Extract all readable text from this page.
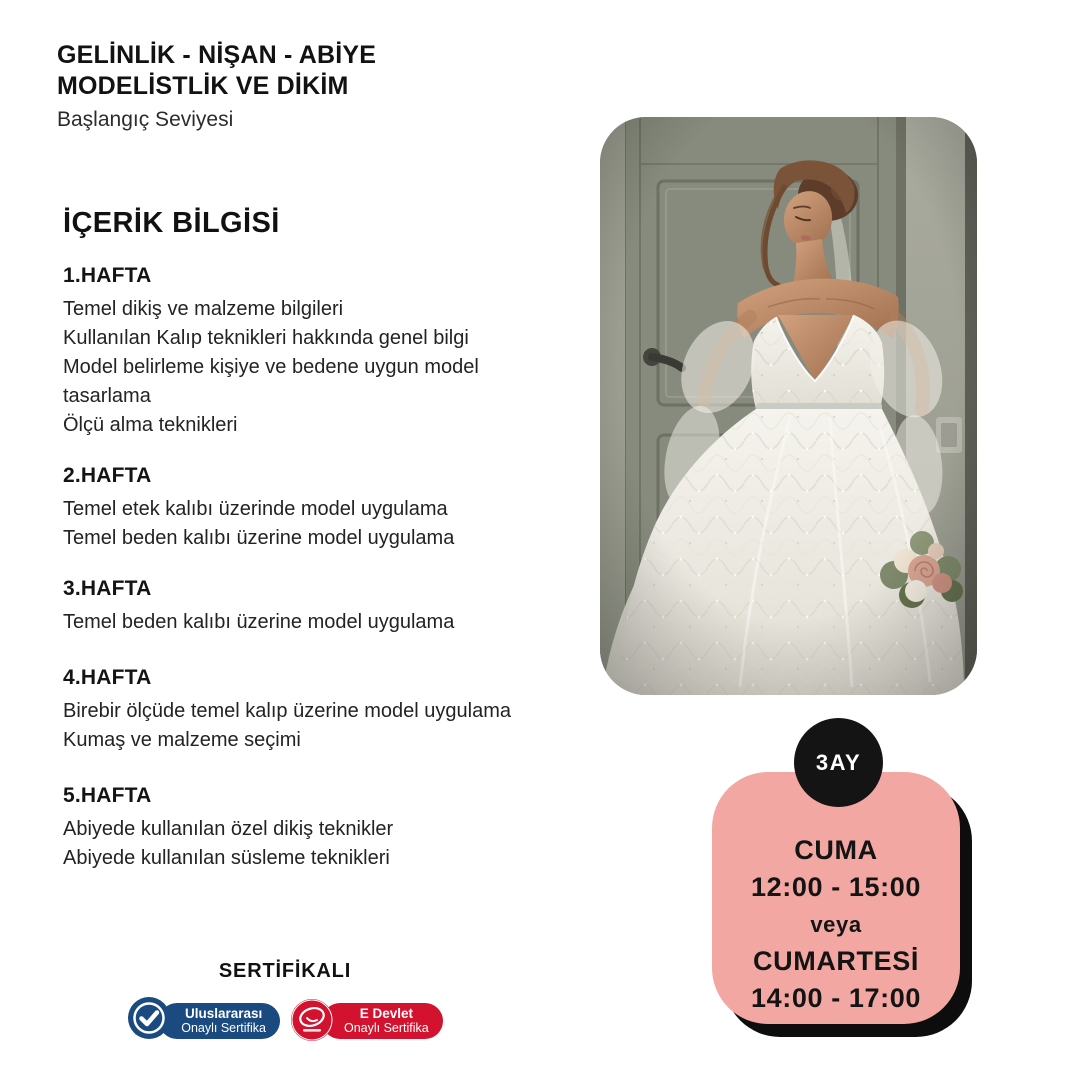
GELİNLİK - NİŞAN - ABİYE
MODELİSTLİK VE DİKİM
Başlangıç Seviyesi
İÇERİK BİLGİSİ
1.HAFTA
Temel dikiş ve malzeme bilgileri
Kullanılan Kalıp teknikleri hakkında genel bilgi
Model belirleme kişiye ve bedene uygun model tasarlama
Ölçü alma teknikleri
2.HAFTA
Temel etek kalıbı üzerinde model uygulama
Temel beden kalıbı üzerine model uygulama
3.HAFTA
Temel beden kalıbı üzerine model uygulama
4.HAFTA
Birebir ölçüde temel kalıp üzerine model uygulama
Kumaş ve malzeme seçimi
5.HAFTA
Abiyede kullanılan özel dikiş teknikler
Abiyede kullanılan süsleme teknikleri
SERTİFİKALI
Uluslararası
Onaylı Sertifika
E Devlet
Onaylı Sertifika
CUMA
12:00 - 15:00
veya
CUMARTESİ
14:00 - 17:00
3AY
